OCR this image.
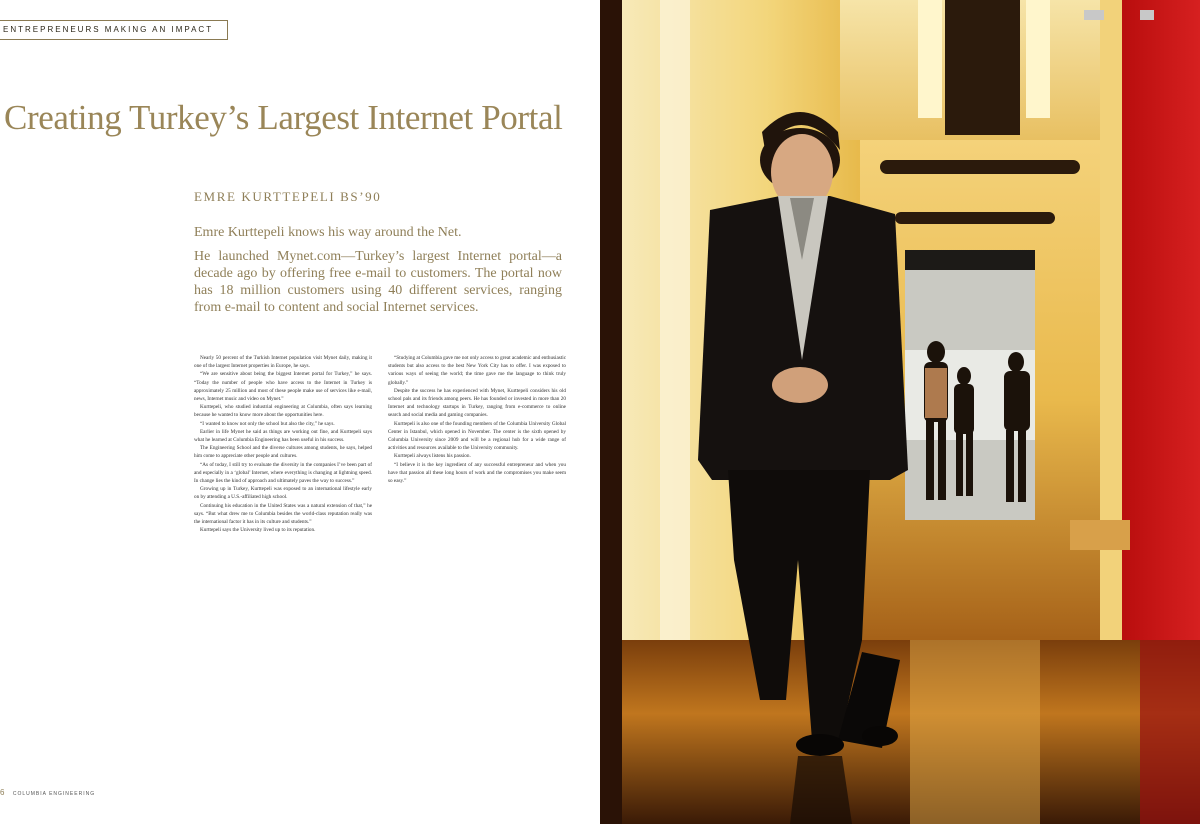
ENTREPRENEURS MAKING AN IMPACT
Creating Turkey’s Largest Internet Portal
EMRE KURTTEPELI BS’90

Emre Kurttepeli knows his way around the Net.

He launched Mynet.com—Turkey’s largest Internet portal—a decade ago by offering free e-mail to customers. The portal now has 18 million customers using 40 different services, ranging from e-mail to content and social Internet services.

Nearly 50 percent of the Turkish Internet population visit Mynet daily, making it one of the largest Internet properties in Europe, he says.

“We are sensitive about being the biggest Internet portal for Turkey,” he says. “Today the number of people who have access to the Internet in Turkey is approximately 25 million and most of these people make use of services like e-mail, news, Internet music and video on Mynet.”

Kurttepeli, who studied industrial engineering at Columbia, often says learning because he wanted to know more about the opportunities here.

“I wanted to know not only the school but also the city,” he says.

Earlier in life Mynet he said as things are working out fine, and Kurttepeli says what he learned at Columbia Engineering has been useful in his success.

The Engineering School and the diverse cultures among students, he says, helped him come to appreciate other people and cultures.

“As of today, I still try to evaluate the diversity in the companies I’ve been part of and especially in a ‘global’ Internet, where everything is changing at lightning speed. In change lies the kind of approach and ultimately paves the way to success.”

Growing up in Turkey, Kurttepeli was exposed to an international lifestyle early on by attending a U.S.-affiliated high school.

Continuing his education in the United States was a natural extension of that,” he says. “But what drew me to Columbia besides the world-class reputation really was the international factor it has in its culture and students.”

Kurttepeli says the University lived up to its reputation.

“Studying at Columbia gave me not only access to great academic and enthusiastic students but also access to the best New York City has to offer. I was exposed to various ways of seeing the world; the time gave me the language to think truly globally.”

Despite the success he has experienced with Mynet, Kurttepeli considers his old school pals and its friends among peers. He has founded or invested in more than 20 Internet and technology startups in Turkey, ranging from e-commerce to online search and social media and gaming companies.

Kurttepeli is also one of the founding members of the Columbia University Global Center in Istanbul, which opened in November. The center is the sixth opened by Columbia University since 2009 and will be a regional hub for a wide range of activities and resources available to the University community.

Kurttepeli always listens his passion.

“I believe it is the key ingredient of any successful entrepreneur and when you have that passion all these long hours of work and the compromises you make seem so easy.”

6 COLUMBIA ENGINEERING
